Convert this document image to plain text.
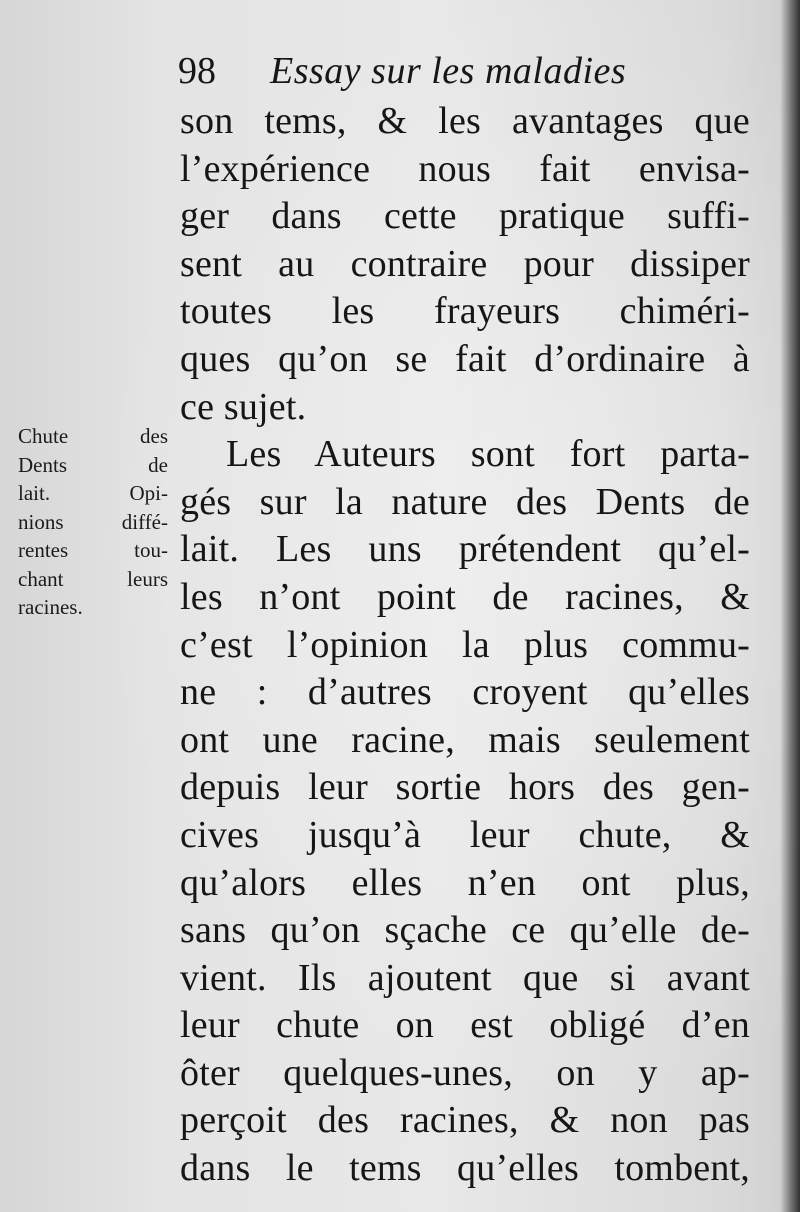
98 Essay sur les maladies
Chute des
Dents de
lait. Opi-
nions diffé-
rentes tou-
chant leurs
racines.
son tems, & les avantages que
l’expérience nous fait envisa-
ger dans cette pratique suffi-
sent au contraire pour dissiper
toutes les frayeurs chiméri-
ques qu’on se fait d’ordinaire à
ce sujet.
Les Auteurs sont fort parta-
gés sur la nature des Dents de
lait. Les uns prétendent qu’el-
les n’ont point de racines, &
c’est l’opinion la plus commu-
ne : d’autres croyent qu’elles
ont une racine, mais seulement
depuis leur sortie hors des gen-
cives jusqu’à leur chute, &
qu’alors elles n’en ont plus,
sans qu’on sçache ce qu’elle de-
vient. Ils ajoutent que si avant
leur chute on est obligé d’en
ôter quelques-unes, on y ap-
perçoit des racines, & non pas
dans le tems qu’elles tombent,
